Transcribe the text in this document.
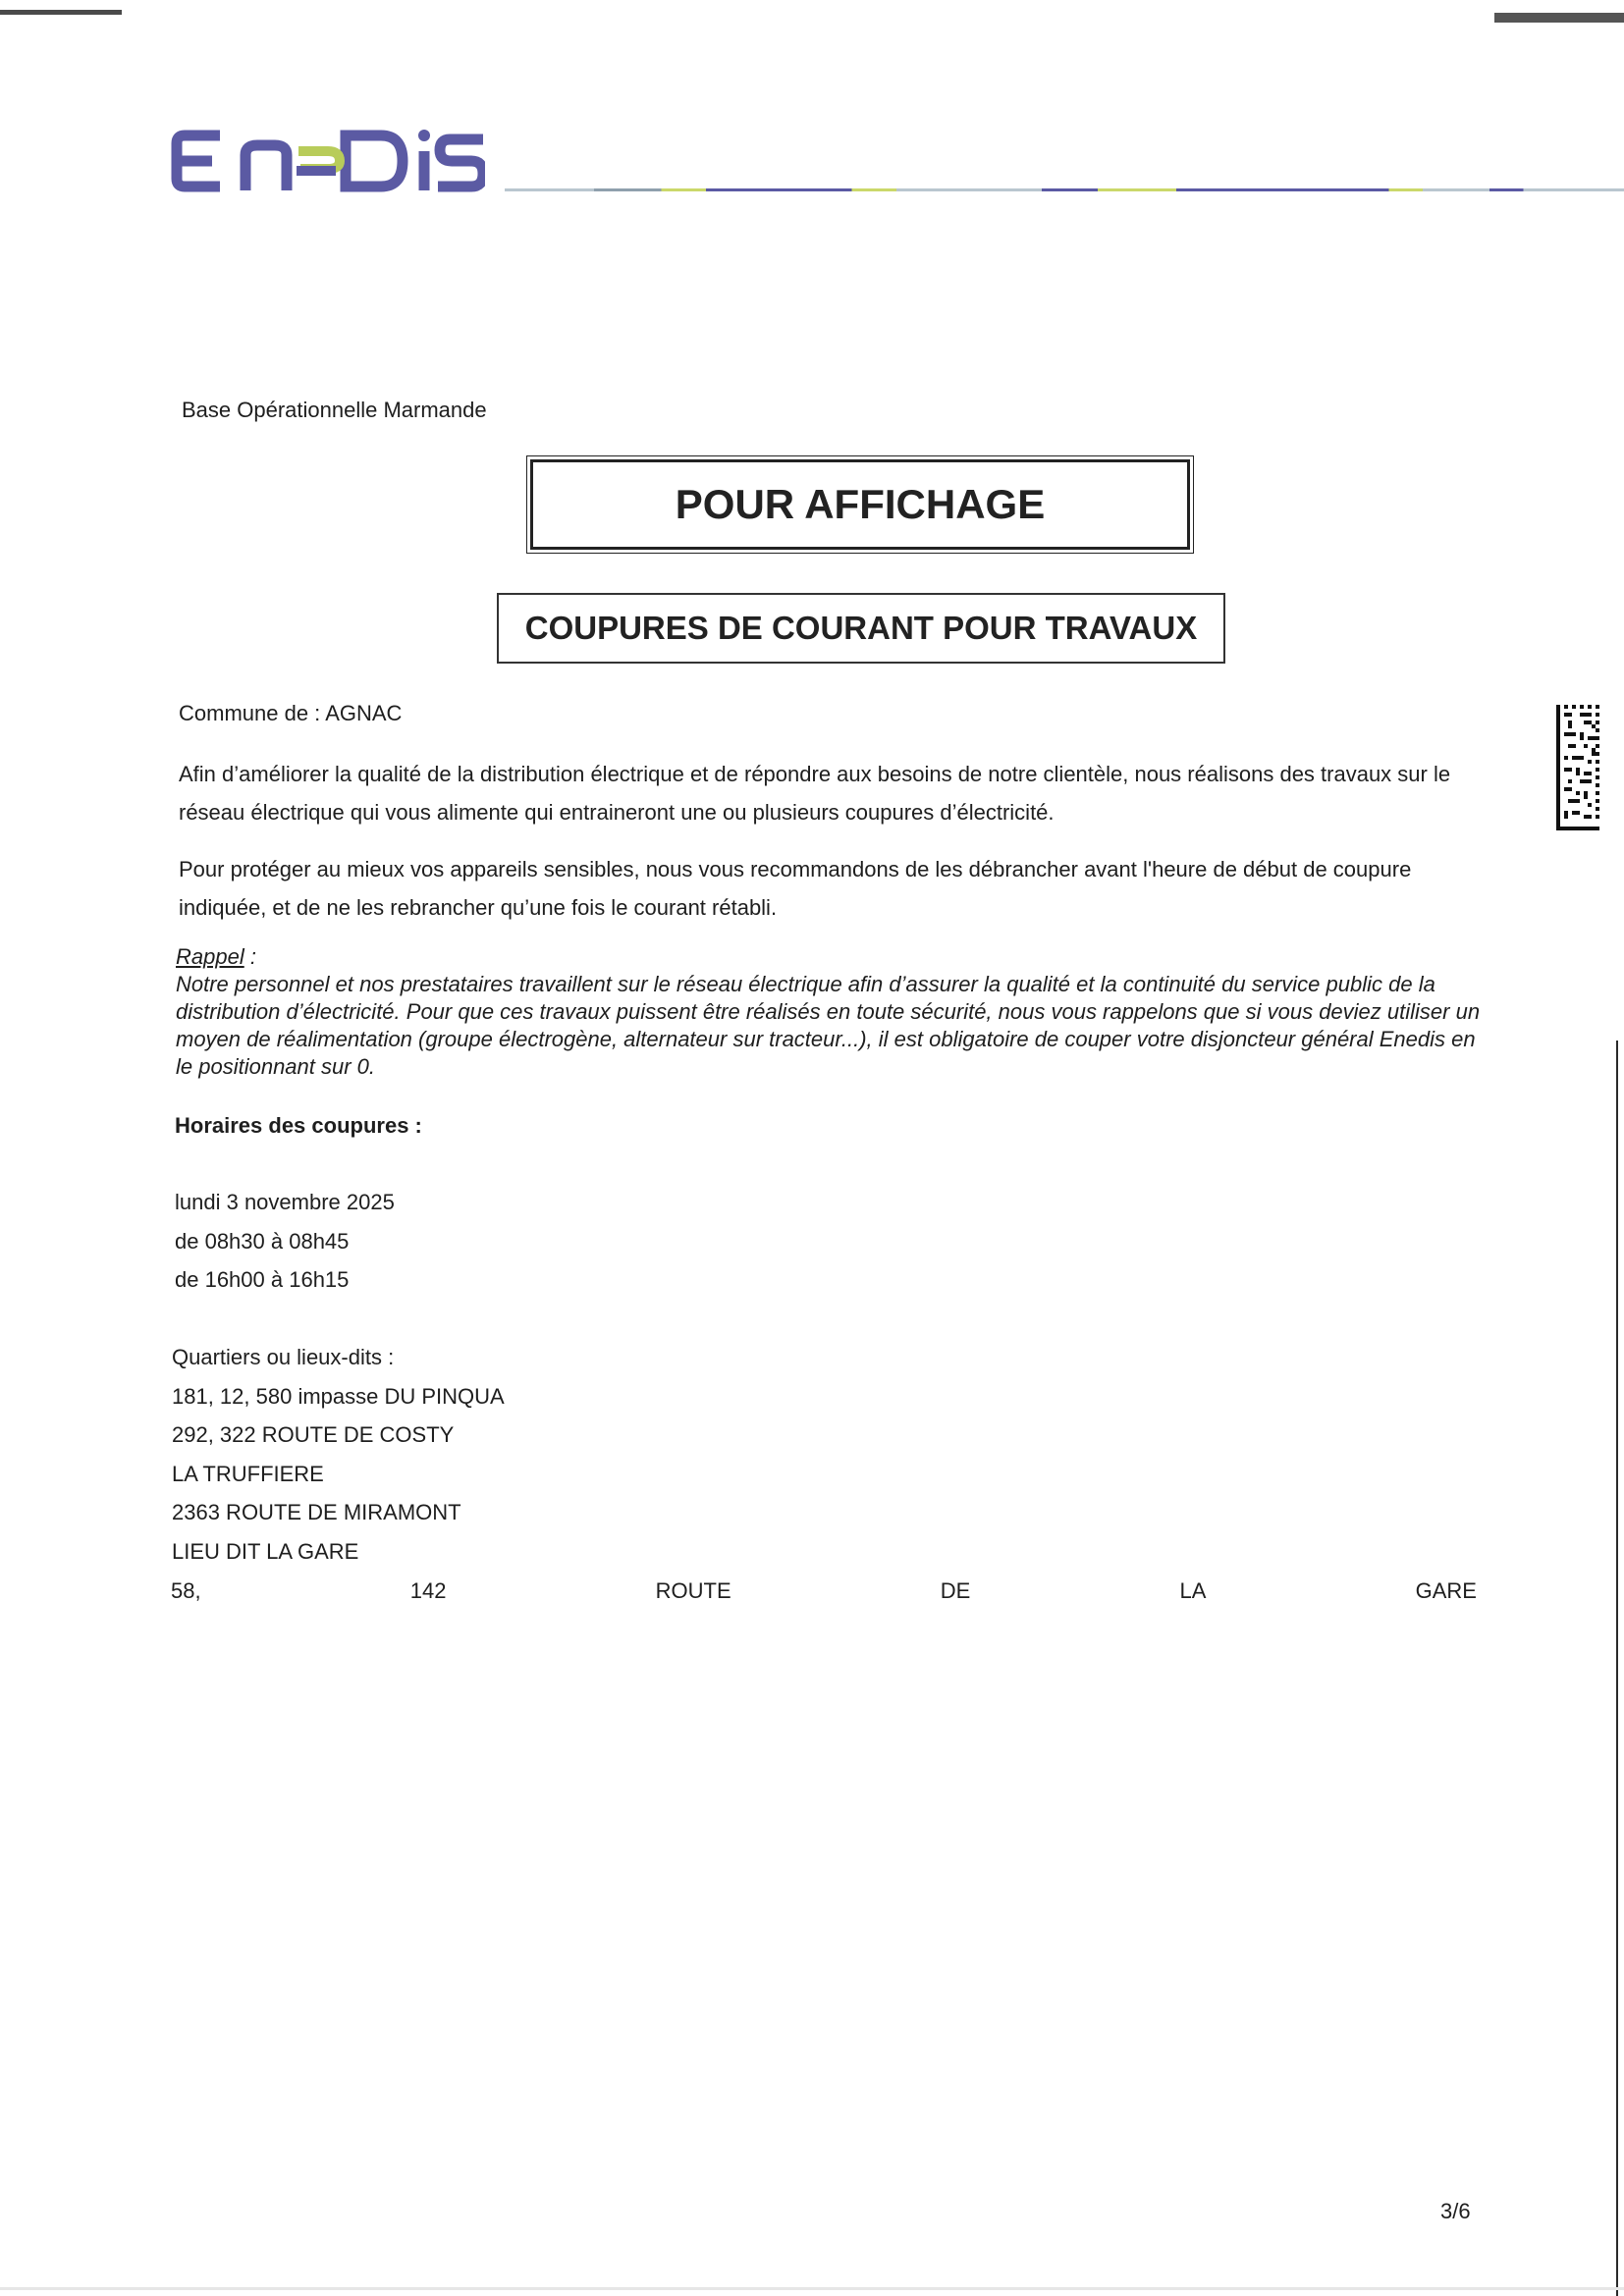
Base Opérationnelle Marmande
POUR AFFICHAGE
COUPURES DE COURANT POUR TRAVAUX
Commune de : AGNAC
Afin d’améliorer la qualité de la distribution électrique et de répondre aux besoins de notre clientèle, nous réalisons des travaux sur le réseau électrique qui vous alimente qui entraineront une ou plusieurs coupures d’électricité.
Pour protéger au mieux vos appareils sensibles, nous vous recommandons de les débrancher avant l'heure de début de coupure indiquée, et de ne les rebrancher qu’une fois le courant rétabli.
Rappel :
Notre personnel et nos prestataires travaillent sur le réseau électrique afin d’assurer la qualité et la continuité du service public de la distribution d’électricité. Pour que ces travaux puissent être réalisés en toute sécurité, nous vous rappelons que si vous deviez utiliser un moyen de réalimentation (groupe électrogène, alternateur sur tracteur...), il est obligatoire de couper votre disjoncteur général Enedis en le positionnant sur 0.
Horaires des coupures :
lundi 3 novembre 2025
de 08h30 à 08h45
de 16h00 à 16h15
Quartiers ou lieux-dits :
181, 12, 580 impasse DU PINQUA
292, 322 ROUTE DE COSTY
LA TRUFFIERE
2363 ROUTE DE MIRAMONT
LIEU DIT LA GARE
58,	142	ROUTE	DE	LA	GARE
3/6
